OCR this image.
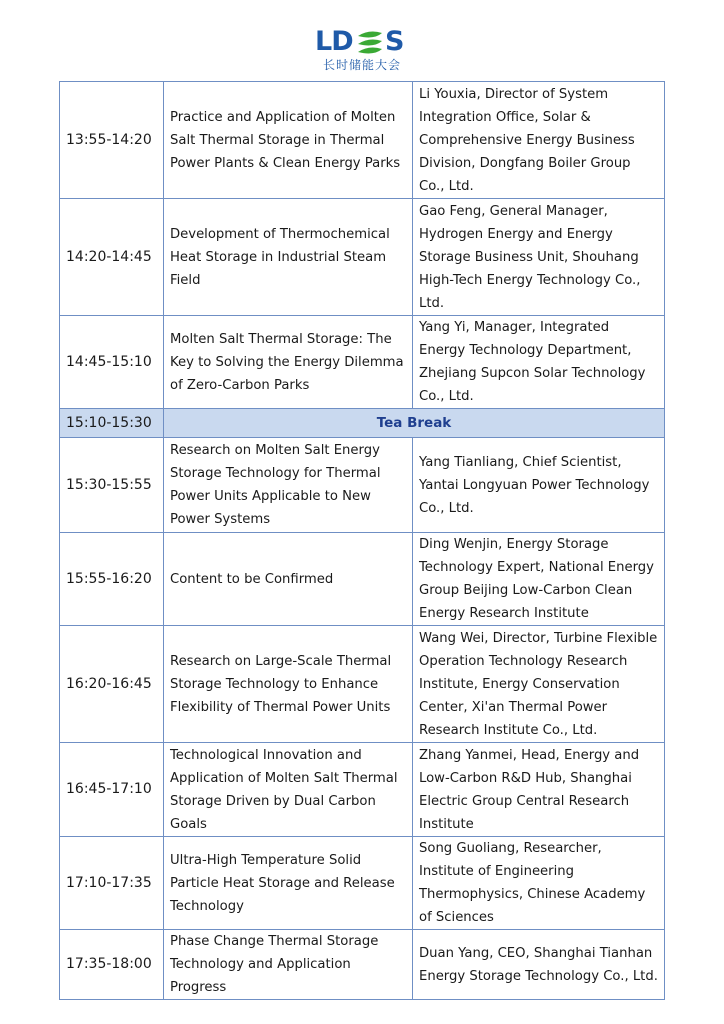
LD S
长时储能大会
13:55-14:20	Practice and Application of Molten Salt Thermal Storage in Thermal Power Plants & Clean Energy Parks	Li Youxia, Director of System Integration Office, Solar & Comprehensive Energy Business Division, Dongfang Boiler Group Co., Ltd.
14:20-14:45	Development of Thermochemical Heat Storage in Industrial Steam Field	Gao Feng, General Manager, Hydrogen Energy and Energy Storage Business Unit, Shouhang High-Tech Energy Technology Co., Ltd.
14:45-15:10	Molten Salt Thermal Storage: The Key to Solving the Energy Dilemma of Zero-Carbon Parks	Yang Yi, Manager, Integrated Energy Technology Department, Zhejiang Supcon Solar Technology Co., Ltd.
15:10-15:30	Tea Break	
15:30-15:55	Research on Molten Salt Energy Storage Technology for Thermal Power Units Applicable to New Power Systems	Yang Tianliang, Chief Scientist, Yantai Longyuan Power Technology Co., Ltd.
15:55-16:20	Content to be Confirmed	Ding Wenjin, Energy Storage Technology Expert, National Energy Group Beijing Low-Carbon Clean Energy Research Institute
16:20-16:45	Research on Large-Scale Thermal Storage Technology to Enhance Flexibility of Thermal Power Units	Wang Wei, Director, Turbine Flexible Operation Technology Research Institute, Energy Conservation Center, Xi'an Thermal Power Research Institute Co., Ltd.
16:45-17:10	Technological Innovation and Application of Molten Salt Thermal Storage Driven by Dual Carbon Goals	Zhang Yanmei, Head, Energy and Low-Carbon R&D Hub, Shanghai Electric Group Central Research Institute
17:10-17:35	Ultra-High Temperature Solid Particle Heat Storage and Release Technology	Song Guoliang, Researcher, Institute of Engineering Thermophysics, Chinese Academy of Sciences
17:35-18:00	Phase Change Thermal Storage Technology and Application Progress	Duan Yang, CEO, Shanghai Tianhan Energy Storage Technology Co., Ltd.
